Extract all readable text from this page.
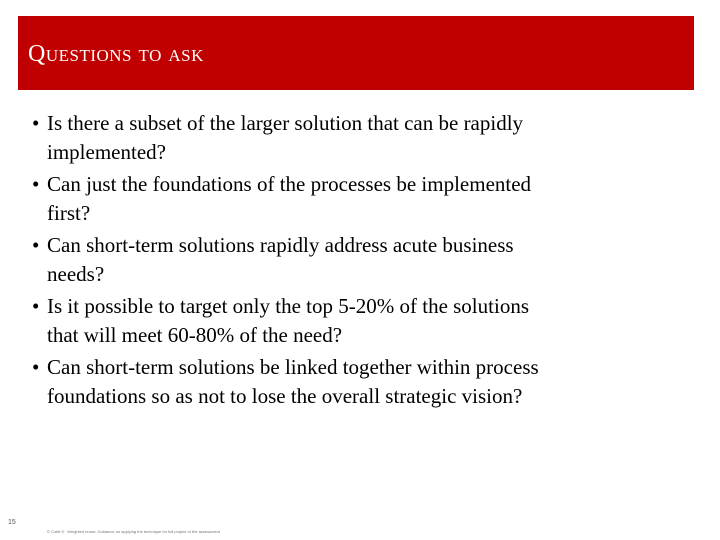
Questions to ask
• Is there a subset of the larger solution that can be rapidly implemented?
• Can just the foundations of the processes be implemented first?
• Can short-term solutions rapidly address acute business needs?
• Is it possible to target only the top 5-20% of the solutions that will meet 60-80% of the need?
• Can short-term solutions be linked together within process foundations so as not to lose the overall strategic vision?
15
© Cobit 5 · Weighted reuse: Guidance on applying the technique for full project of the assessment
